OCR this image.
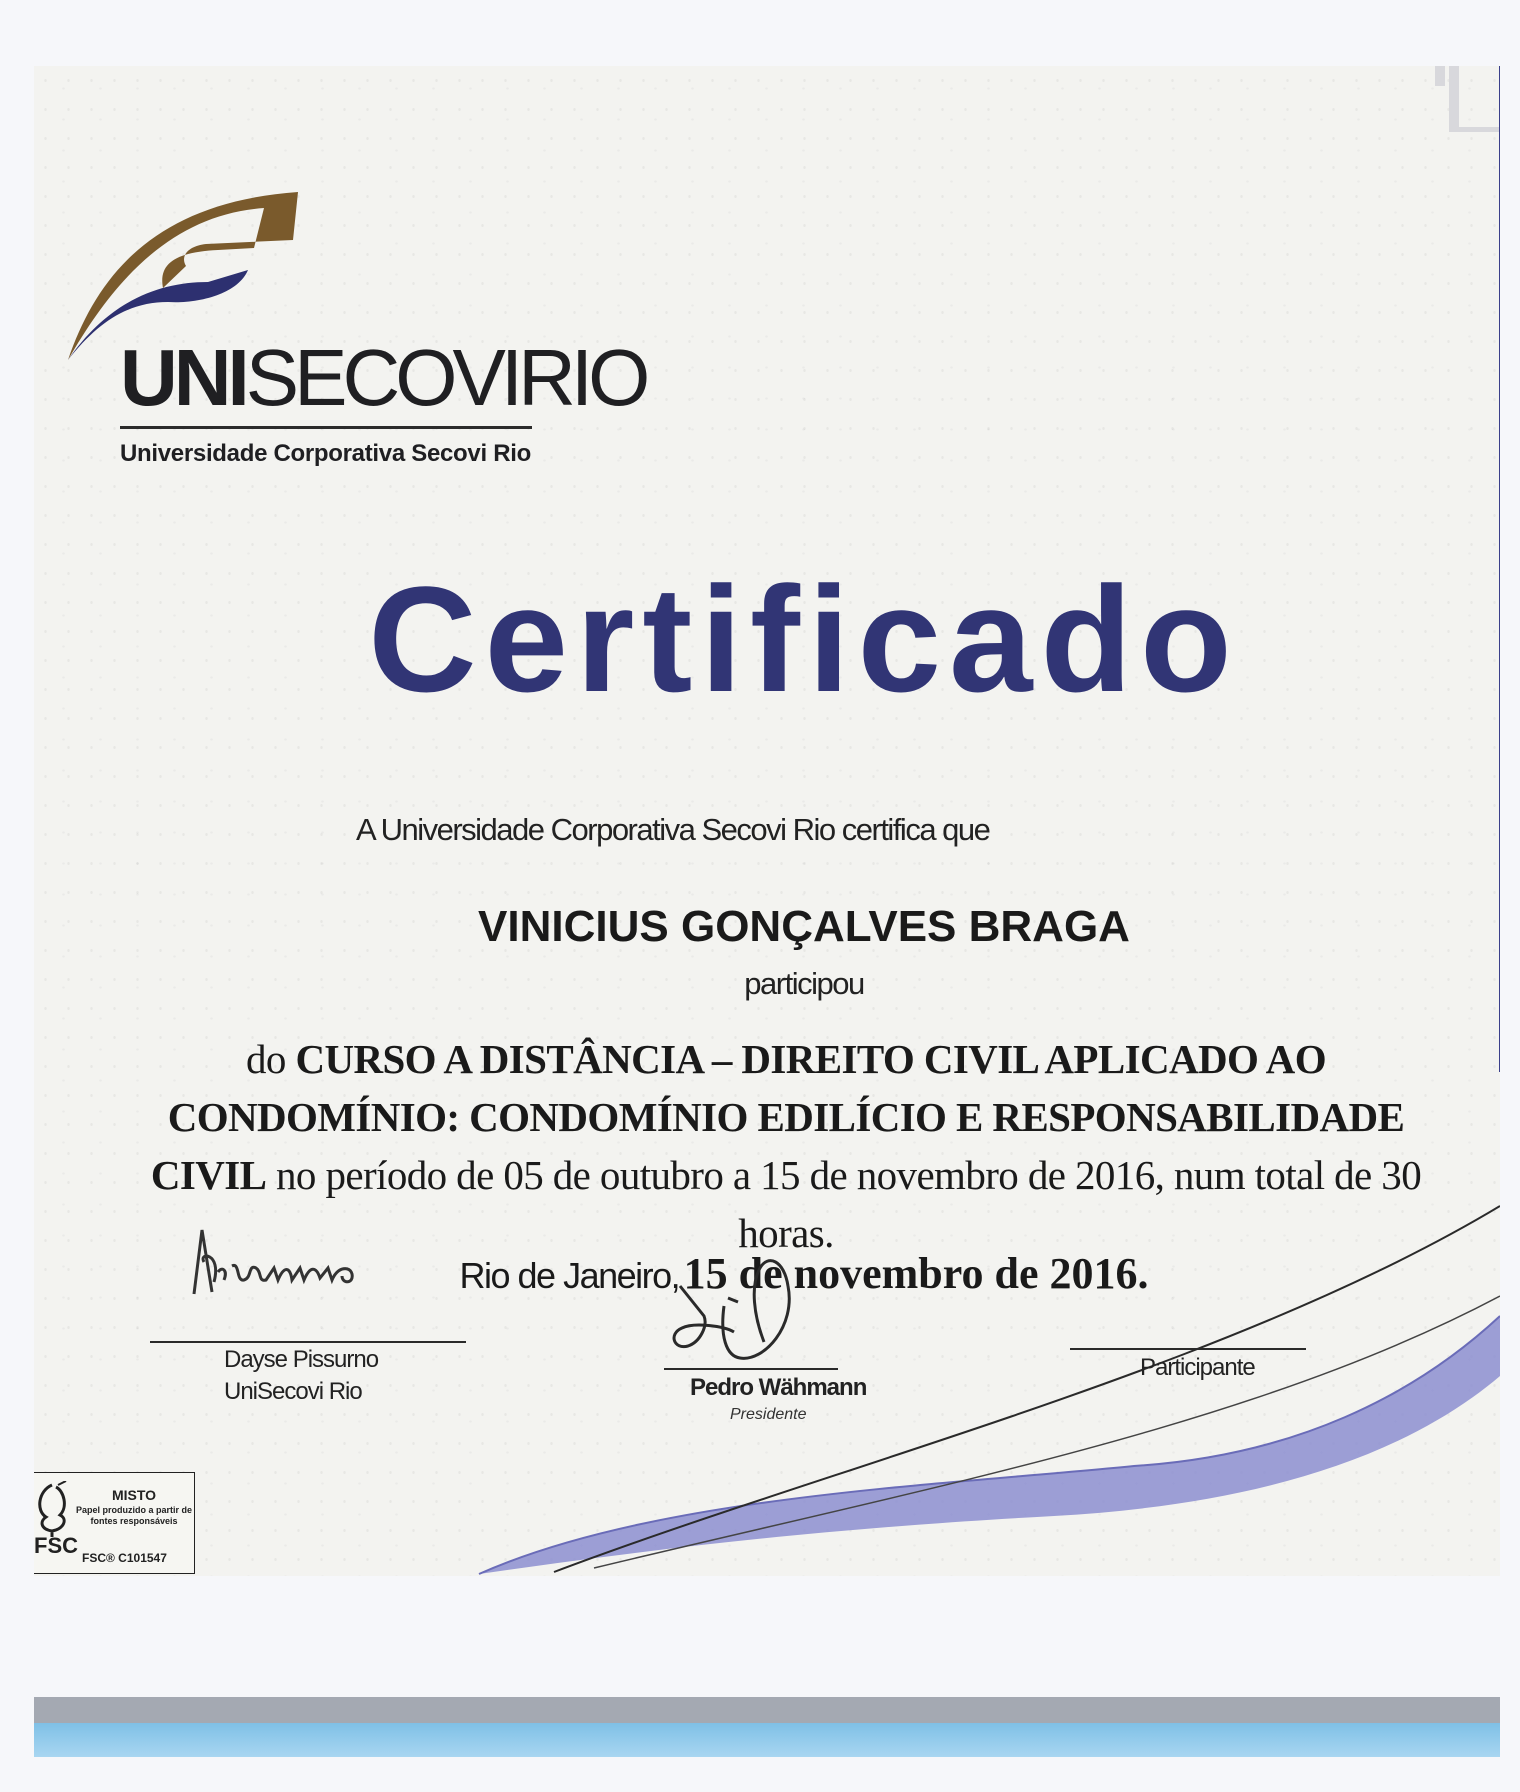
UNISECOVIRIO
Universidade Corporativa Secovi Rio
Certificado
A Universidade Corporativa Secovi Rio certifica que
VINICIUS GONÇALVES BRAGA
participou
do CURSO A DISTÂNCIA – DIREITO CIVIL APLICADO AO CONDOMÍNIO: CONDOMÍNIO EDILÍCIO E RESPONSABILIDADE CIVIL no período de 05 de outubro a 15 de novembro de 2016, num total de 30 horas.
Rio de Janeiro, 15 de novembro de 2016.
Dayse Pissurno
UniSecovi Rio	Pedro Wähmann
Presidente
Participante
FSC
MISTO
Papel produzido a partir de fontes responsáveis
FSC® C101547
